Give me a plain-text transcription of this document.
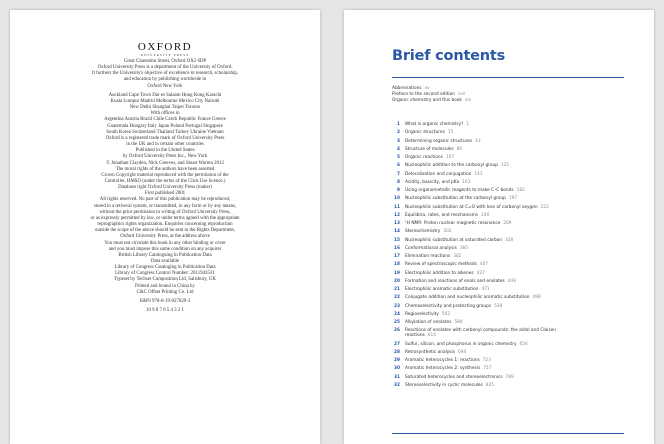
OXFORD
UNIVERSITY PRESS
Great Clarendon Street, Oxford OX2 6DP
Oxford University Press is a department of the University of Oxford.
It furthers the University's objective of excellence in research, scholarship,
and education by publishing worldwide in
Oxford New York
Auckland Cape Town Dar es Salaam Hong Kong Karachi
Kuala Lumpur Madrid Melbourne Mexico City Nairobi
New Delhi Shanghai Taipei Toronto
With offices in
Argentina Austria Brazil Chile Czech Republic France Greece
Guatemala Hungary Italy Japan Poland Portugal Singapore
South Korea Switzerland Thailand Turkey Ukraine Vietnam
Oxford is a registered trade mark of Oxford University Press
in the UK and in certain other countries
Published in the United States
by Oxford University Press Inc., New York
© Jonathan Clayden, Nick Greeves, and Stuart Warren 2012
The moral rights of the authors have been asserted
Crown Copyright material reproduced with the permission of the
Controller, HMSO (under the terms of the Click Use licence.)
Database right Oxford University Press (maker)
First published 2001
All rights reserved. No part of this publication may be reproduced,
stored in a retrieval system, or transmitted, in any form or by any means,
without the prior permission in writing of Oxford University Press,
or as expressly permitted by law, or under terms agreed with the appropriate
reprographics rights organization. Enquiries concerning reproduction
outside the scope of the above should be sent to the Rights Department,
Oxford University Press, at the address above
You must not circulate this book in any other binding or cover
and you must impose this same condition on any acquirer
British Library Cataloguing in Publication Data
Data available
Library of Congress Cataloging in Publication Data
Library of Congress Control Number: 2011943531
Typeset by Techset Composition Ltd, Salisbury, UK
Printed and bound in China by
C&C Offset Printing Co. Ltd
ISBN 978-0-19-927029-3
10 9 8 7 6 5 4 3 2 1
Brief contents
Abbreviations xv
Preface to the second edition xvii
Organic chemistry and this book xix
1 What is organic chemistry? 1
2 Organic structures 15
3 Determining organic structures 43
4 Structure of molecules 80
5 Organic reactions 107
6 Nucleophilic addition to the carbonyl group 125
7 Delocalization and conjugation 141
8 Acidity, basicity, and pKa 163
9 Using organometallic reagents to make C–C bonds 182
10 Nucleophilic substitution at the carbonyl group 197
11 Nucleophilic substitution at C=O with loss of carbonyl oxygen 222
12 Equilibria, rates, and mechanisms 240
13 ¹H NMR: Proton nuclear magnetic resonance 269
14 Stereochemistry 302
15 Nucleophilic substitution at saturated carbon 328
16 Conformational analysis 360
17 Elimination reactions 382
18 Review of spectroscopic methods 407
19 Electrophilic addition to alkenes 427
20 Formation and reactions of enols and enolates 449
21 Electrophilic aromatic substitution 471
22 Conjugate addition and nucleophilic aromatic substitution 498
23 Chemoselectivity and protecting groups 528
24 Regioselectivity 562
25 Alkylation of enolates 584
26 Reactions of enolates with carbonyl compounds: the aldol and Claisen reactions 614
27 Sulfur, silicon, and phosphorus in organic chemistry 656
28 Retrosynthetic analysis 694
29 Aromatic heterocycles 1: reactions 723
30 Aromatic heterocycles 2: synthesis 757
31 Saturated heterocycles and stereoelectronics 789
32 Stereoselectivity in cyclic molecules 825
